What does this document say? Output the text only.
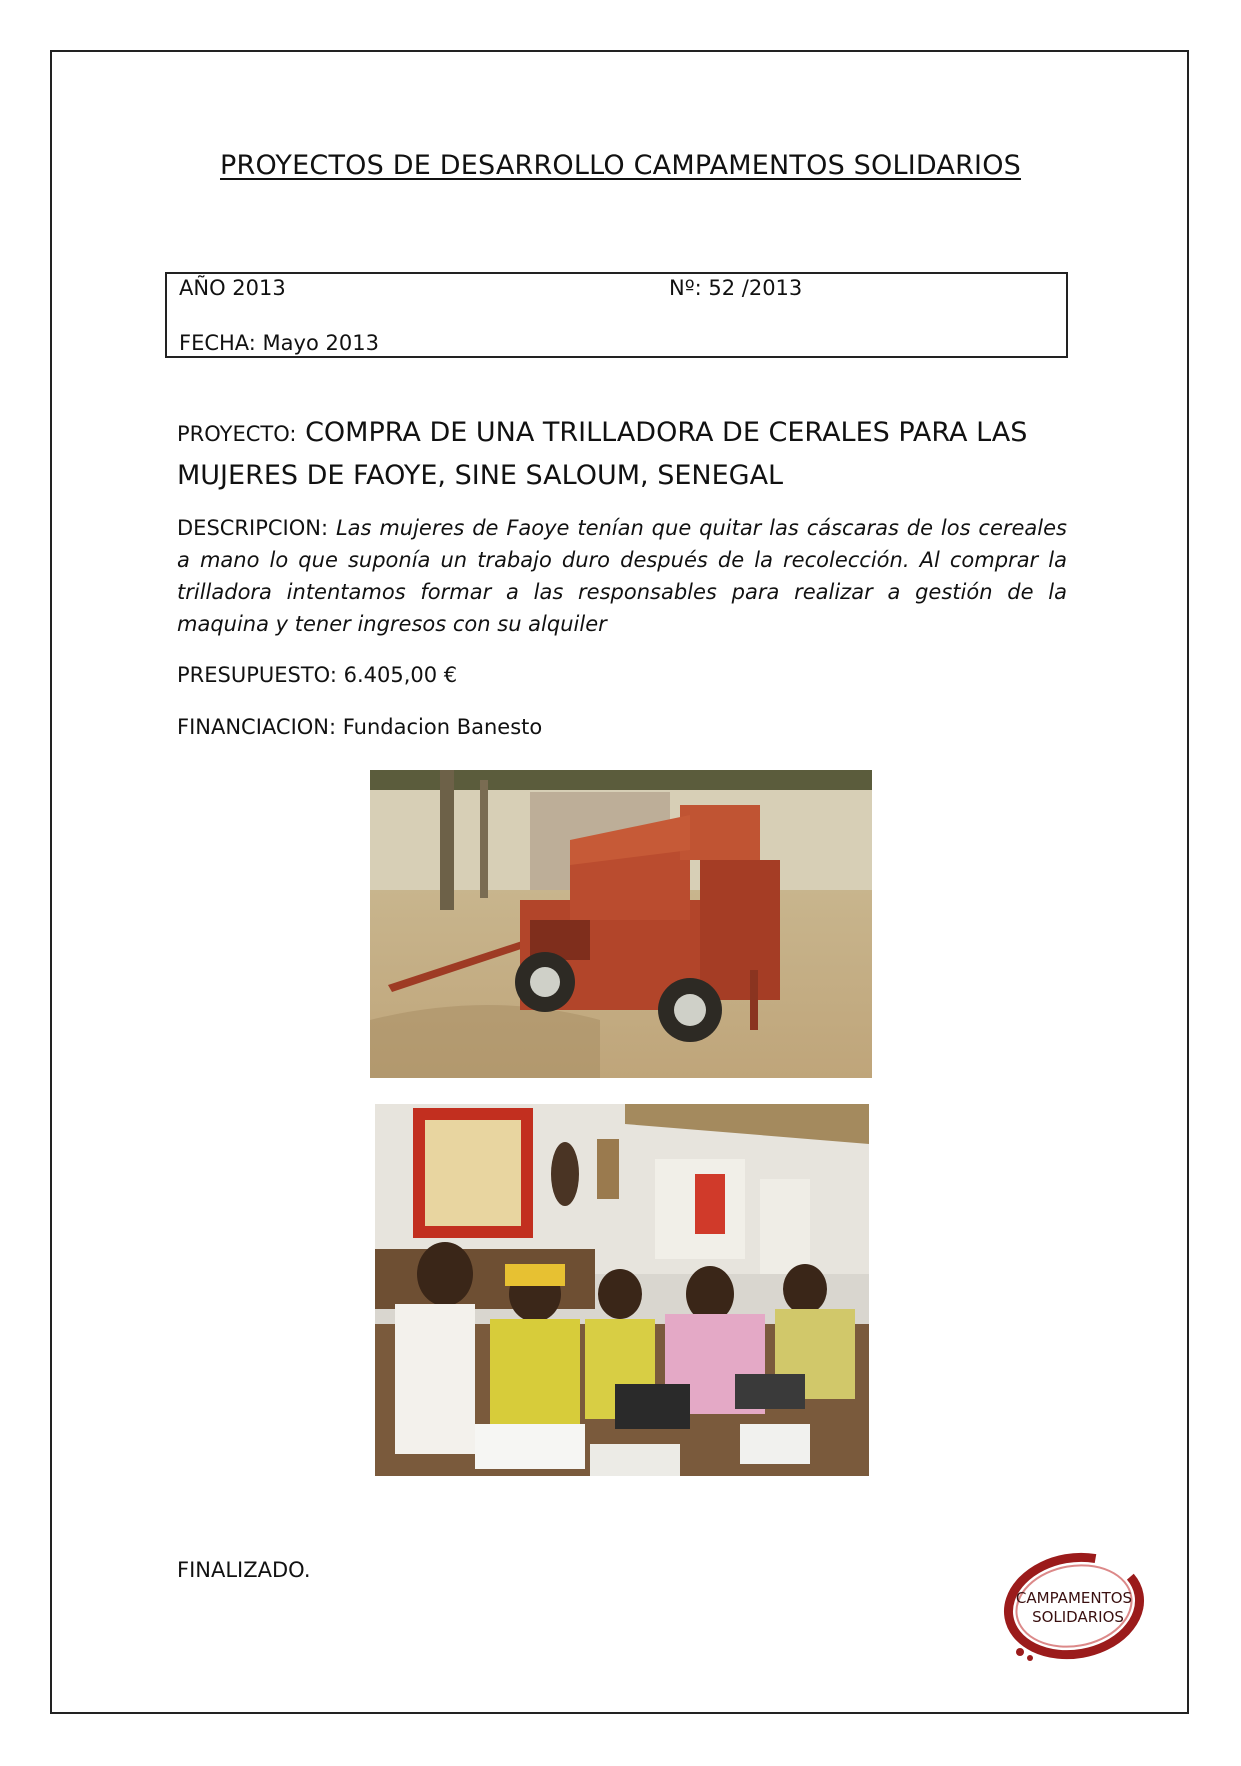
PROYECTOS DE DESARROLLO CAMPAMENTOS SOLIDARIOS
AÑO 2013	Nº: 52 /2013
FECHA: Mayo 2013
PROYECTO: COMPRA DE UNA TRILLADORA DE CERALES PARA LAS MUJERES DE FAOYE, SINE SALOUM, SENEGAL
DESCRIPCION: Las mujeres de Faoye tenían que quitar las cáscaras de los cereales a mano lo que suponía un trabajo duro después de la recolección. Al comprar la trilladora intentamos formar a las responsables para realizar a gestión de la maquina y tener ingresos con su alquiler
PRESUPUESTO: 6.405,00 €
FINANCIACION: Fundacion Banesto
FINALIZADO.
CAMPAMENTOS
SOLIDARIOS
